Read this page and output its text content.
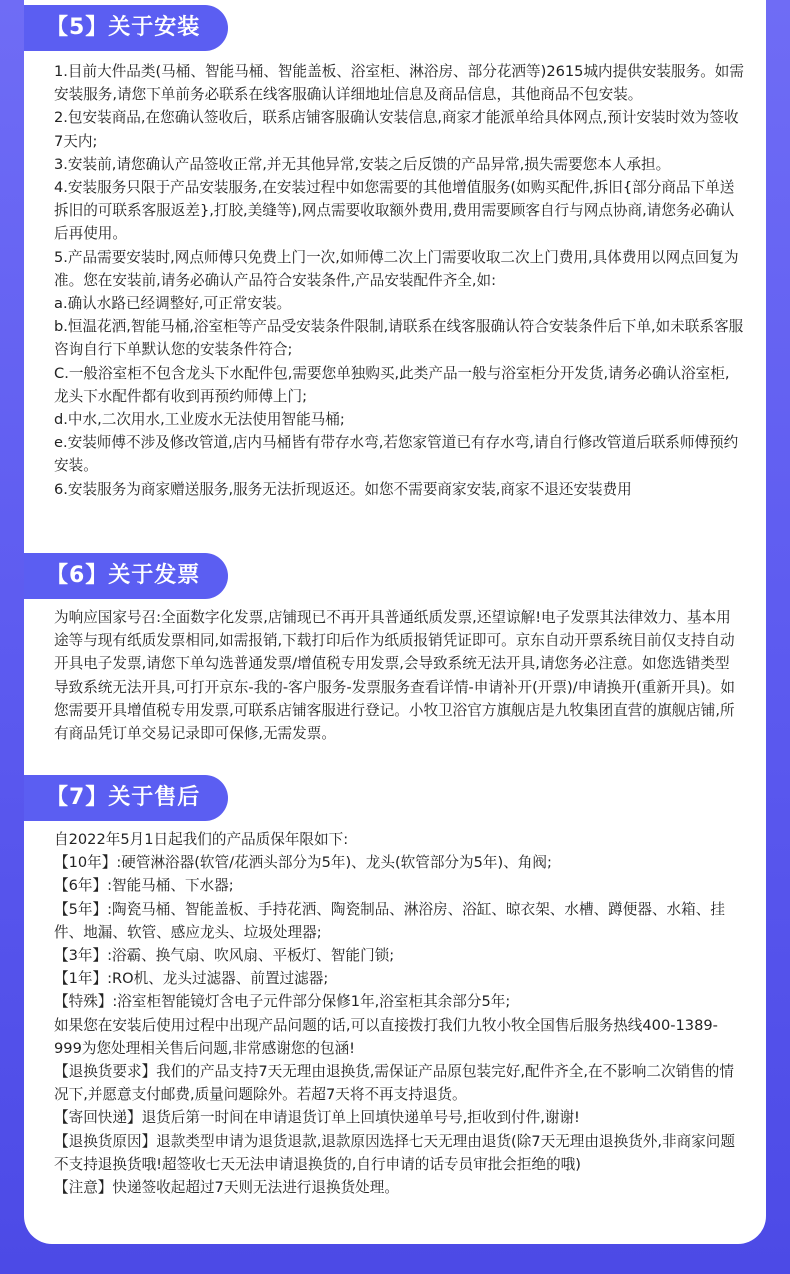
【5】关于安装

1.目前大件品类(马桶、智能马桶、智能盖板、浴室柜、淋浴房、部分花洒等)2615城内提供安装服务。如需安装服务,请您下单前务必联系在线客服确认详细地址信息及商品信息，其他商品不包安装。

2.包安装商品,在您确认签收后，联系店铺客服确认安装信息,商家才能派单给具体网点,预计安装时效为签收7天内;

3.安装前,请您确认产品签收正常,并无其他异常,安装之后反馈的产品异常,损失需要您本人承担。

4.安装服务只限于产品安装服务,在安装过程中如您需要的其他增值服务(如购买配件,拆旧{部分商品下单送拆旧的可联系客服返差},打胶,美缝等),网点需要收取额外费用,费用需要顾客自行与网点协商,请您务必确认后再使用。

5.产品需要安装时,网点师傅只免费上门一次,如师傅二次上门需要收取二次上门费用,具体费用以网点回复为准。您在安装前,请务必确认产品符合安装条件,产品安装配件齐全,如:

a.确认水路已经调整好,可正常安装。

b.恒温花洒,智能马桶,浴室柜等产品受安装条件限制,请联系在线客服确认符合安装条件后下单,如未联系客服咨询自行下单默认您的安装条件符合;

C.一般浴室柜不包含龙头下水配件包,需要您单独购买,此类产品一般与浴室柜分开发货,请务必确认浴室柜,龙头下水配件都有收到再预约师傅上门;

d.中水,二次用水,工业废水无法使用智能马桶;

e.安装师傅不涉及修改管道,店内马桶皆有带存水弯,若您家管道已有存水弯,请自行修改管道后联系师傅预约安装。

6.安装服务为商家赠送服务,服务无法折现返还。如您不需要商家安装,商家不退还安装费用

【6】关于发票

为响应国家号召:全面数字化发票,店铺现已不再开具普通纸质发票,还望谅解!电子发票其法律效力、基本用途等与现有纸质发票相同,如需报销,下载打印后作为纸质报销凭证即可。京东自动开票系统目前仅支持自动开具电子发票,请您下单勾选普通发票/增值税专用发票,会导致系统无法开具,请您务必注意。如您选错类型导致系统无法开具,可打开京东-我的-客户服务-发票服务查看详情-申请补开(开票)/申请换开(重新开具)。如您需要开具增值税专用发票,可联系店铺客服进行登记。小牧卫浴官方旗舰店是九牧集团直营的旗舰店铺,所有商品凭订单交易记录即可保修,无需发票。

【7】关于售后

自2022年5月1日起我们的产品质保年限如下:

【10年】:硬管淋浴器(软管/花洒头部分为5年)、龙头(软管部分为5年)、角阀;

【6年】:智能马桶、下水器;

【5年】:陶瓷马桶、智能盖板、手持花洒、陶瓷制品、淋浴房、浴缸、晾衣架、水槽、蹲便器、水箱、挂件、地漏、软管、感应龙头、垃圾处理器;

【3年】:浴霸、换气扇、吹风扇、平板灯、智能门锁;

【1年】:RO机、龙头过滤器、前置过滤器;

【特殊】:浴室柜智能镜灯含电子元件部分保修1年,浴室柜其余部分5年;

如果您在安装后使用过程中出现产品问题的话,可以直接拨打我们九牧小牧全国售后服务热线400-1389-999为您处理相关售后问题,非常感谢您的包涵!

【退换货要求】我们的产品支持7天无理由退换货,需保证产品原包装完好,配件齐全,在不影响二次销售的情况下,并愿意支付邮费,质量问题除外。若超7天将不再支持退货。

【寄回快递】退货后第一时间在申请退货订单上回填快递单号号,拒收到付件,谢谢!

【退换货原因】退款类型申请为退货退款,退款原因选择七天无理由退货(除7天无理由退换货外,非商家问题不支持退换货哦!超签收七天无法申请退换货的,自行申请的话专员审批会拒绝的哦)

【注意】快递签收起超过7天则无法进行退换货处理。
